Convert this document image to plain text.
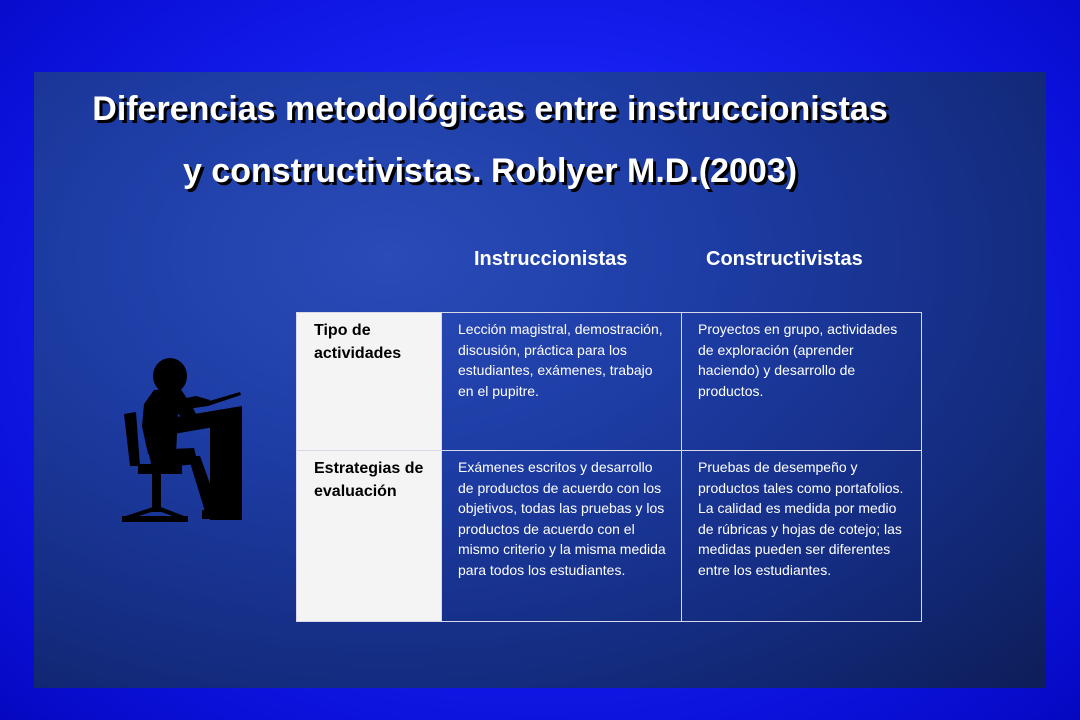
Diferencias metodológicas entre instruccionistas
y constructivistas. Roblyer M.D.(2003)
Instruccionistas	Constructivistas
Tipo de actividades
Lección magistral, demostración, discusión, práctica para los estudiantes, exámenes, trabajo en el pupitre.
Proyectos en grupo, actividades de exploración (aprender haciendo) y desarrollo de productos.
Estrategias de evaluación
Exámenes escritos y desarrollo de productos de acuerdo con los objetivos, todas las pruebas y los productos de acuerdo con el mismo criterio y la misma medida para todos los estudiantes.
Pruebas de desempeño y productos tales como portafolios. La calidad es medida por medio de rúbricas y hojas de cotejo; las medidas pueden ser diferentes entre los estudiantes.
